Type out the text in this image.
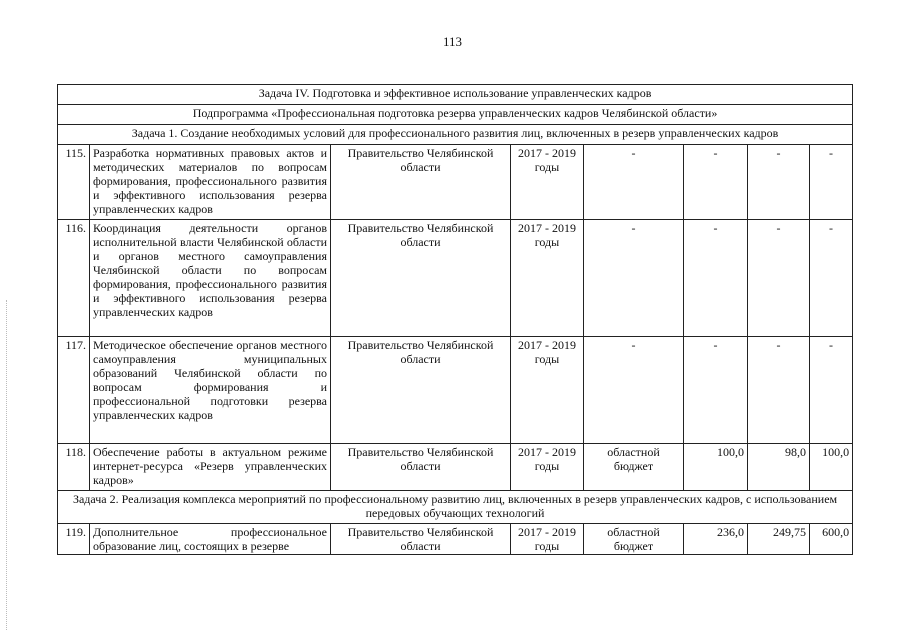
113
Задача IV. Подготовка и эффективное использование управленческих кадров							
Подпрограмма «Профессиональная подготовка резерва управленческих кадров Челябинской области»							
Задача 1. Создание необходимых условий для профессионального развития лиц, включенных в резерв управленческих кадров							
115.	Разработка нормативных правовых актов и методических материалов по вопросам формирования, профессионального развития и эффективного использования резерва управленческих кадров	Правительство Челябинской области	2017 - 2019 годы	-	-	-	-
116.	Координация деятельности органов исполнительной власти Челябинской области и органов местного самоуправления Челябинской области по вопросам формирования, профессионального развития и эффективного использования резерва управленческих кадров	Правительство Челябинской области	2017 - 2019 годы	-	-	-	-
117.	Методическое обеспечение органов местного самоуправления муниципальных образований Челябинской области по вопросам формирования и профессиональной подготовки резерва управленческих кадров	Правительство Челябинской области	2017 - 2019 годы	-	-	-	-
118.	Обеспечение работы в актуальном режиме интернет-ресурса «Резерв управленческих кадров»	Правительство Челябинской области	2017 - 2019 годы	областной бюджет	100,0	98,0	100,0
Задача 2. Реализация комплекса мероприятий по профессиональному развитию лиц, включенных в резерв управленческих кадров, с использованием передовых обучающих технологий							
119.	Дополнительное профессиональное образование лиц, состоящих в резерве	Правительство Челябинской области	2017 - 2019 годы	областной бюджет	236,0	249,75	600,0
